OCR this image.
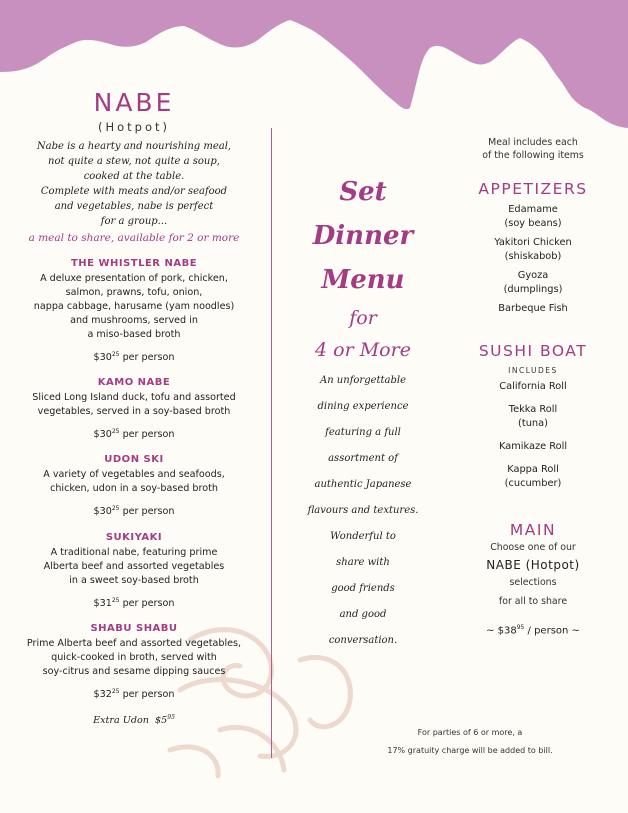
NABE
(Hotpot)
Nabe is a hearty and nourishing meal,
not quite a stew, not quite a soup,
cooked at the table.
Complete with meats and/or seafood
and vegetables, nabe is perfect
for a group...
a meal to share, available for 2 or more
THE WHISTLER NABE
A deluxe presentation of pork, chicken,
salmon, prawns, tofu, onion,
nappa cabbage, harusame (yam noodles)
and mushrooms, served in
a miso-based broth
$\$30^{25}$ per person
KAMO NABE
Sliced Long Island duck, tofu and assorted
vegetables, served in a soy-based broth
$\$30^{25}$ per person
UDON SKI
A variety of vegetables and seafoods,
chicken, udon in a soy-based broth
$\$30^{25}$ per person
SUKIYAKI
A traditional nabe, featuring prime
Alberta beef and assorted vegetables
in a sweet soy-based broth
$\$31^{25}$ per person
SHABU SHABU
Prime Alberta beef and assorted vegetables,
quick-cooked in broth, served with
soy-citrus and sesame dipping sauces
$\$32^{25}$ per person
Extra Udon $\$5^{95}$
Set
Dinner
Menu
for
4 or More
An unforgettable
dining experience
featuring a full
assortment of
authentic Japanese
flavours and textures.
Wonderful to
share with
good friends
and good
conversation.
Meal includes each
of the following items
APPETIZERS
Edamame
(soy beans)
Yakitori Chicken
(shiskabob)
Gyoza
(dumplings)
Barbeque Fish
SUSHI BOAT
INCLUDES
California Roll
Tekka Roll
(tuna)
Kamikaze Roll
Kappa Roll
(cucumber)
MAIN
Choose one of our
NABE (Hotpot)
selections
for all to share
~ $\$38^{95}$ / person ~
For parties of 6 or more, a
17% gratuity charge will be added to bill.
